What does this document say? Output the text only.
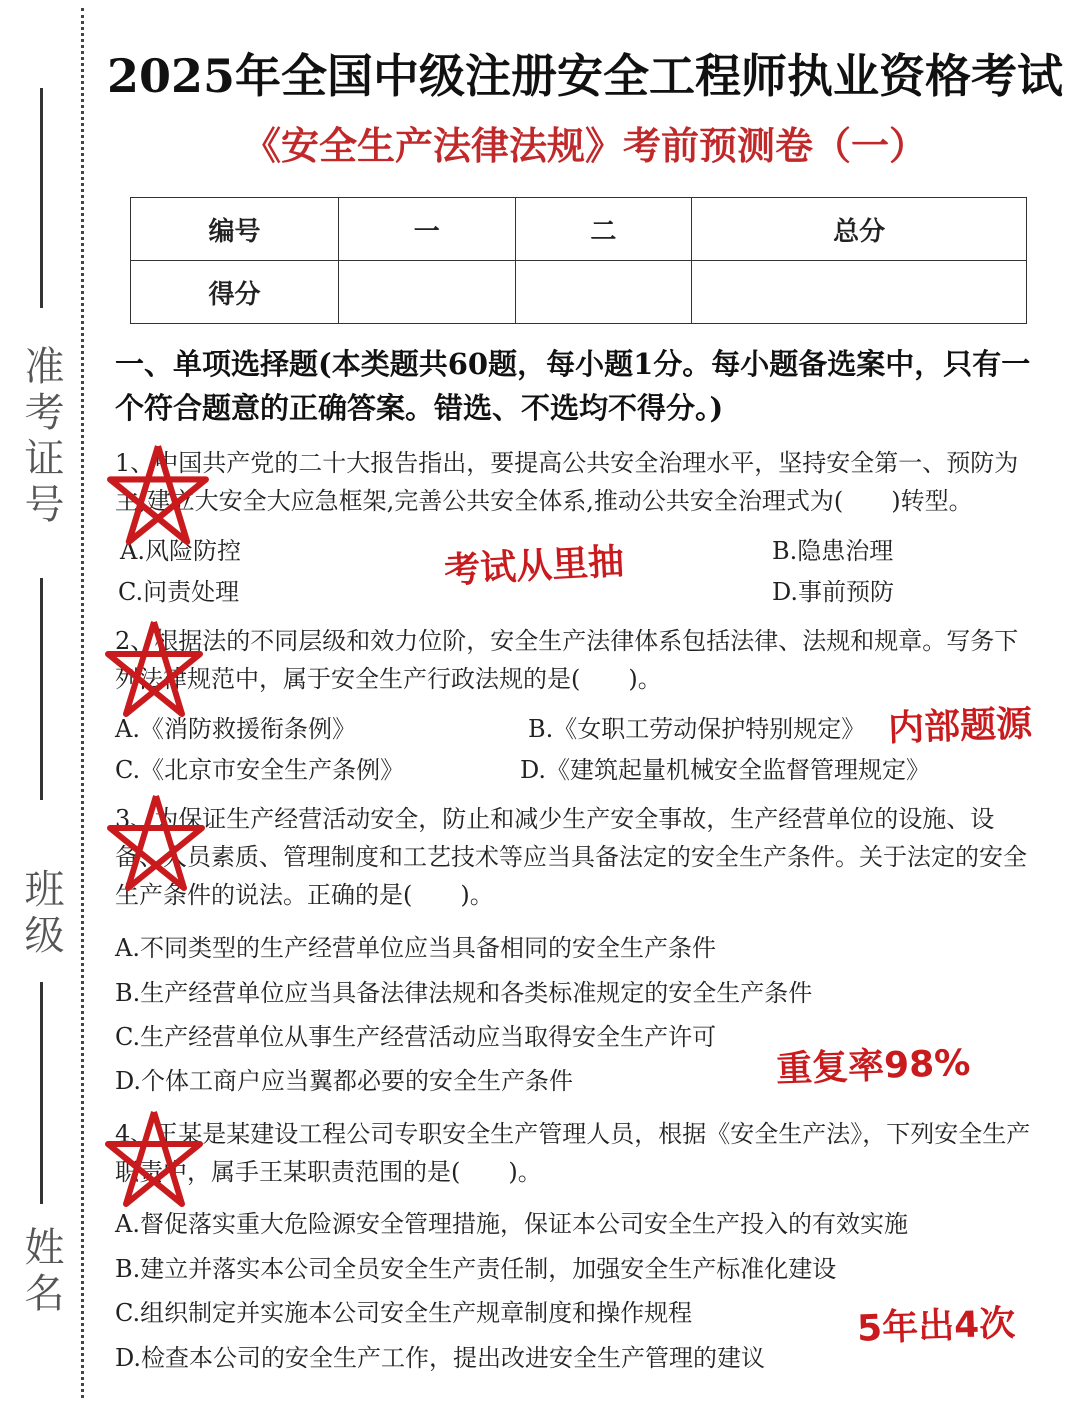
准考证号
班级
姓名
2025年全国中级注册安全工程师执业资格考试
《安全生产法律法规》考前预测卷（一）
编号	一	二	总分
得分			
一、单项选择题(本类题共60题，每小题1分。每小题备选案中，只有一个符合题意的正确答案。错选、不选均不得分。)
1、中国共产党的二十大报告指出，要提高公共安全治理水平，坚持安全第一、预防为主,建立大安全大应急框架,完善公共安全体系,推动公共安全治理式为(　　)转型。
A.风险防控	B.隐患治理
C.问责处理	D.事前预防
2、根据法的不同层级和效力位阶，安全生产法律体系包括法律、法规和规章。写务下列法律规范中，属于安全生产行政法规的是(　　)。
A.《消防救援衔条例》	B.《女职工劳动保护特别规定》
C.《北京市安全生产条例》	D.《建筑起量机械安全监督管理规定》
3、为保证生产经营活动安全，防止和减少生产安全事故，生产经营单位的设施、设备、人员素质、管理制度和工艺技术等应当具备法定的安全生产条件。关于法定的安全生产条件的说法。正确的是(　　)。
A.不同类型的生产经营单位应当具备相同的安全生产条件
B.生产经营单位应当具备法律法规和各类标准规定的安全生产条件
C.生产经营单位从事生产经营活动应当取得安全生产许可
D.个体工商户应当翼都必要的安全生产条件
4、王某是某建设工程公司专职安全生产管理人员，根据《安全生产法》，下列安全生产职责中，属手王某职责范围的是(　　)。
A.督促落实重大危险源安全管理措施，保证本公司安全生产投入的有效实施
B.建立并落实本公司全员安全生产责任制，加强安全生产标准化建设
C.组织制定并实施本公司安全生产规章制度和操作规程
D.检查本公司的安全生产工作，提出改进安全生产管理的建议
考试从里抽
内部题源
重复率98%
5年出4次
